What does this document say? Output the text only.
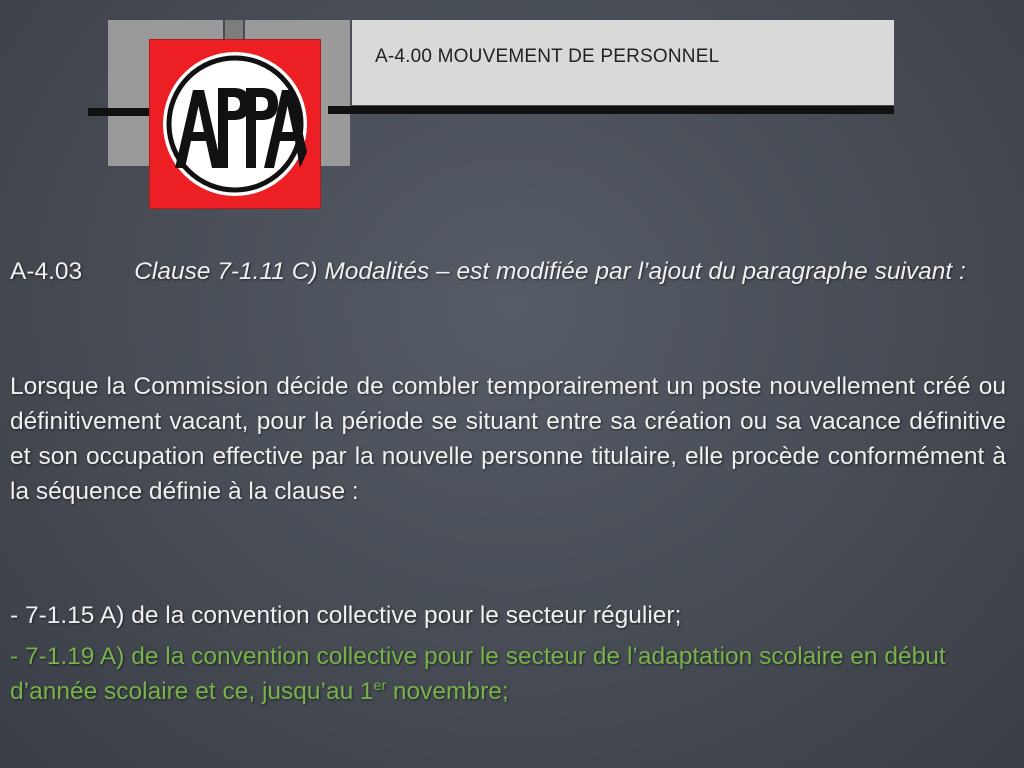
A-4.00 MOUVEMENT DE PERSONNEL

A-4.03 Clause 7-1.11 C) Modalités – est modifiée par l’ajout du paragraphe suivant :

Lorsque la Commission décide de combler temporairement un poste nouvellement créé ou définitivement vacant, pour la période se situant entre sa création ou sa vacance définitive et son occupation effective par la nouvelle personne titulaire, elle procède conformément à la séquence définie à la clause :

- 7-1.15 A) de la convention collective pour le secteur régulier;

- 7-1.19 A) de la convention collective pour le secteur de l’adaptation scolaire en début d’année scolaire et ce, jusqu’au 1er novembre;
